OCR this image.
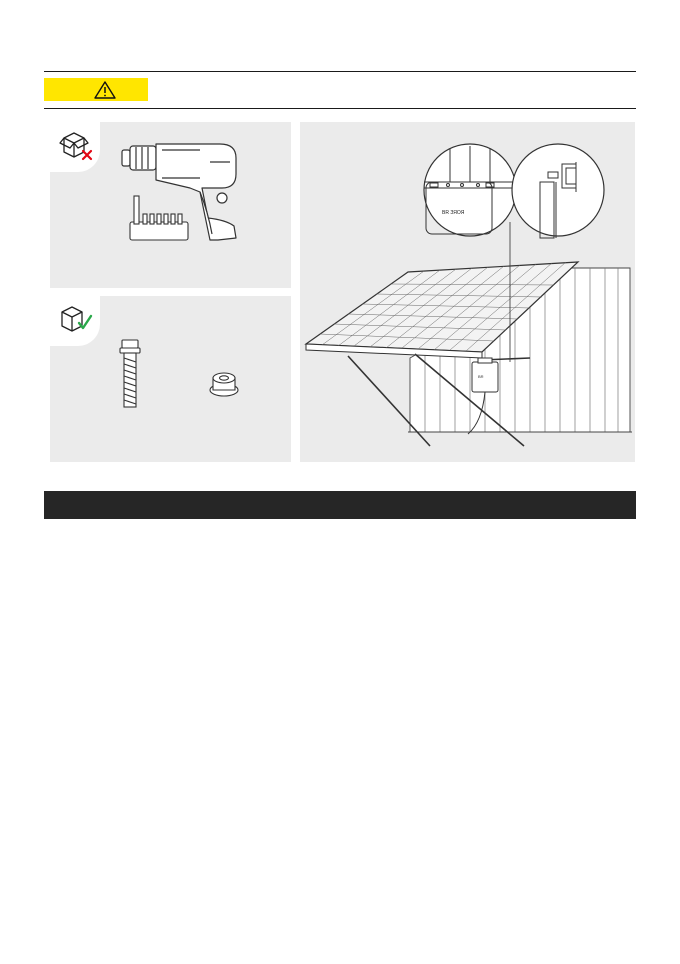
BR
BR ЗЯОЯ
